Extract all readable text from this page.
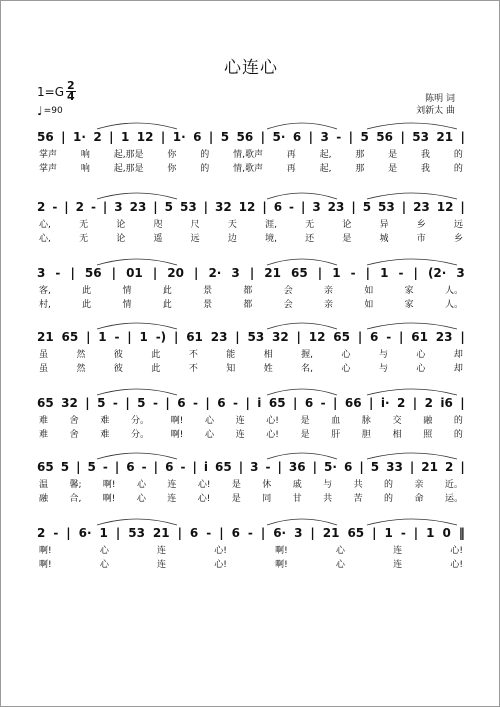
心连心
$1=G \frac{2}{4}$
♩ =90
陈明 词
刘新太 曲
56 | 1· 2 | 1 12 | 1· 6 | 5 56 | 5· 6 | 3 - | 5 56 | 53 21 |
掌声	响	起,那是	你	的	情,歌声	再	起,	那	是	我	的
掌声	响	起,那是	你	的	情,歌声	再	起,	那	是	我	的
2 - | 2 - | 3 23 | 5 53 | 32 12 | 6 - | 3 23 | 5 53 | 23 12 |
心,	无	论	咫	尺	天	涯,	无	论	异	乡	远
心,	无	论	遥	远	边	境,	还	是	城	市	乡
3 - | 56 | 01 | 20 | 2· 3 | 21 65 | 1 - | 1 - | (2· 3
客,	此	情	此	景	都	会	亲	如	家	人。
村,	此	情	此	景	都	会	亲	如	家	人。
21 65 | 1 - | 1 -) | 61 23 | 53 32 | 12 65 | 6 - | 61 23 |
虽	然	彼	此	不	能	相	握,	心	与	心	却
虽	然	彼	此	不	知	姓	名,	心	与	心	却
65 32 | 5 - | 5 - | 6 - | 6 - | i 65 | 6 - | 66 | i· 2 | 2 i6 |
难 舍 难 分。 啊! 心 连 心! 是 血 脉 交 融 的
难 舍 难 分。 啊! 心 连 心! 是 肝 胆 相 照 的
65 5 | 5 - | 6 - | 6 - | i 65 | 3 - | 36 | 5· 6 | 5 33 | 21 2 |
温 馨; 啊! 心 连 心! 是 休 戚 与 共 的 亲 近。
融 合, 啊! 心 连 心! 是 同 甘 共 苦 的 命 运。
2 - | 6· 1 | 53 21 | 6 - | 6 - | 6· 3 | 21 65 | 1 - | 1 0 ‖
啊!	心	连	心!	啊!	心	连	心!
啊!	心	连	心!	啊!	心	连	心!
